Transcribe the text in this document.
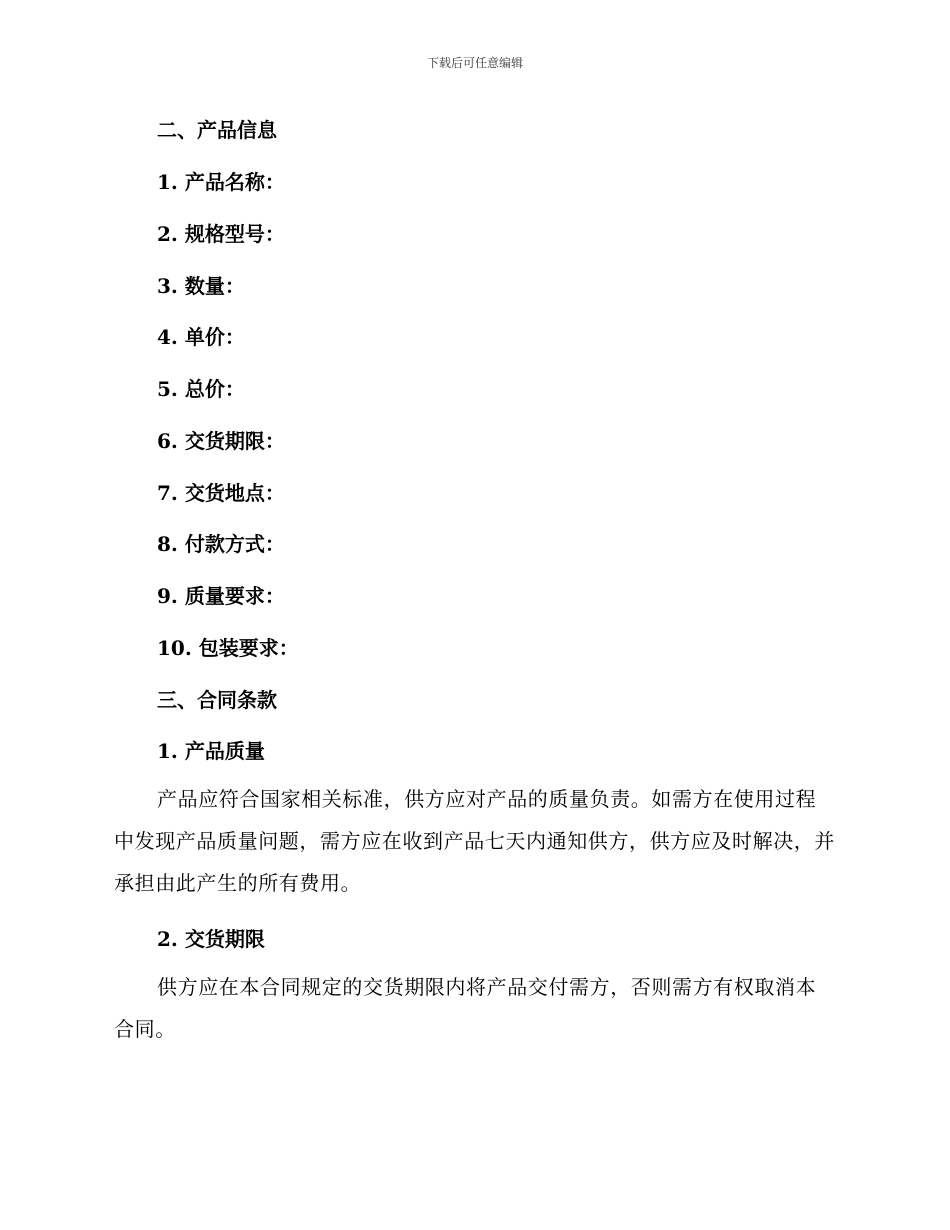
下载后可任意编辑
二、产品信息
1. 产品名称：
2. 规格型号：
3. 数量：
4. 单价：
5. 总价：
6. 交货期限：
7. 交货地点：
8. 付款方式：
9. 质量要求：
10. 包装要求：
三、合同条款
1. 产品质量
产品应符合国家相关标准，供方应对产品的质量负责。如需方在使用过程中发现产品质量问题，需方应在收到产品七天内通知供方，供方应及时解决，并承担由此产生的所有费用。
2. 交货期限
供方应在本合同规定的交货期限内将产品交付需方，否则需方有权取消本合同。
